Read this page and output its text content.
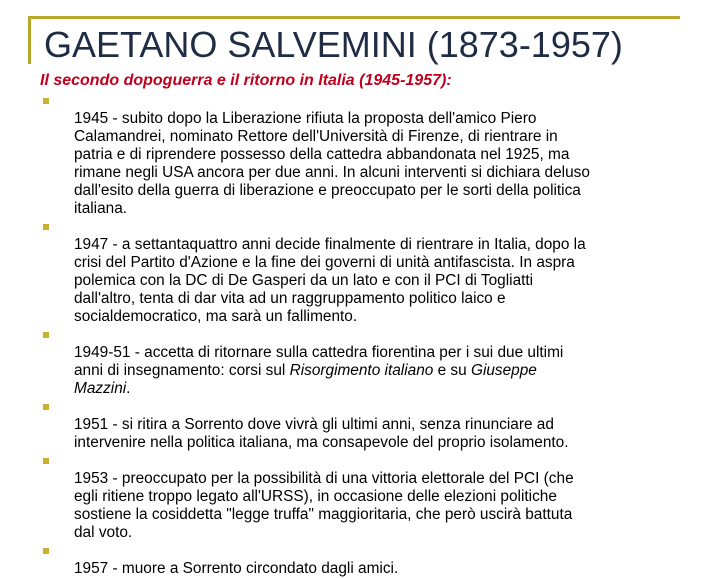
GAETANO SALVEMINI (1873-1957)

Il secondo dopoguerra e il ritorno in Italia (1945-1957):

1945 - subito dopo la Liberazione rifiuta la proposta dell'amico Piero
Calamandrei, nominato Rettore dell'Università di Firenze, di rientrare in
patria e di riprendere possesso della cattedra abbandonata nel 1925, ma
rimane negli USA ancora per due anni. In alcuni interventi si dichiara deluso
dall'esito della guerra di liberazione e preoccupato per le sorti della politica
italiana.

1947 - a settantaquattro anni decide finalmente di rientrare in Italia, dopo la
crisi del Partito d'Azione e la fine dei governi di unità antifascista. In aspra
polemica con la DC di De Gasperi da un lato e con il PCI di Togliatti
dall'altro, tenta di dar vita ad un raggruppamento politico laico e
socialdemocratico, ma sarà un fallimento.

1949-51 - accetta di ritornare sulla cattedra fiorentina per i sui due ultimi
anni di insegnamento: corsi sul Risorgimento italiano e su Giuseppe
Mazzini.

1951 - si ritira a Sorrento dove vivrà gli ultimi anni, senza rinunciare ad
intervenire nella politica italiana, ma consapevole del proprio isolamento.

1953 - preoccupato per la possibilità di una vittoria elettorale del PCI (che
egli ritiene troppo legato all'URSS), in occasione delle elezioni politiche
sostiene la cosiddetta "legge truffa" maggioritaria, che però uscirà battuta
dal voto.

1957 - muore a Sorrento circondato dagli amici.
